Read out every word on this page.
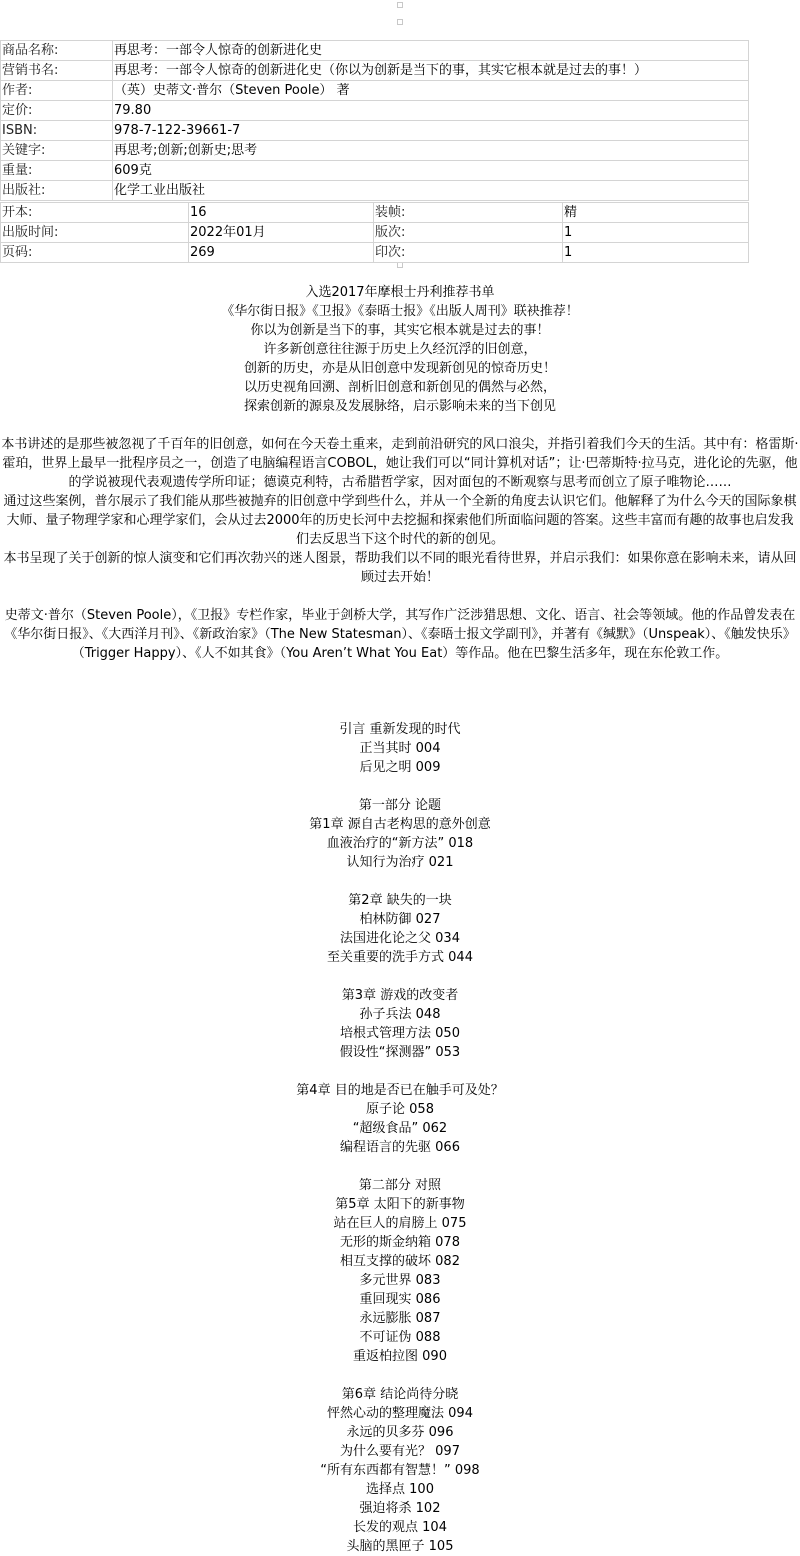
商品名称:	再思考：一部令人惊奇的创新进化史
营销书名:	再思考：一部令人惊奇的创新进化史（你以为创新是当下的事，其实它根本就是过去的事！）
作者:	（英）史蒂文·普尔（Steven Poole） 著
定价:	79.80
ISBN:	978-7-122-39661-7
关键字:	再思考;创新;创新史;思考
重量:	609克
出版社:	化学工业出版社
开本:	16	装帧:	精
出版时间:	2022年01月	版次:	1
页码:	269	印次:	1
入选2017年摩根士丹利推荐书单
《华尔街日报》《卫报》《泰晤士报》《出版人周刊》联袂推荐！
你以为创新是当下的事，其实它根本就是过去的事！
许多新创意往往源于历史上久经沉浮的旧创意，
创新的历史，亦是从旧创意中发现新创见的惊奇历史！
以历史视角回溯、剖析旧创意和新创见的偶然与必然，
探索创新的源泉及发展脉络，启示影响未来的当下创见

本书讲述的是那些被忽视了千百年的旧创意，如何在今天卷土重来，走到前沿研究的风口浪尖，并指引着我们今天的生活。其中有：格雷斯·霍珀，世界上最早一批程序员之一，创造了电脑编程语言COBOL，她让我们可以“同计算机对话”；让·巴蒂斯特·拉马克，进化论的先驱，他的学说被现代表观遗传学所印证；德谟克利特，古希腊哲学家，因对面包的不断观察与思考而创立了原子唯物论……

通过这些案例，普尔展示了我们能从那些被抛弃的旧创意中学到些什么，并从一个全新的角度去认识它们。他解释了为什么今天的国际象棋大师、量子物理学家和心理学家们，会从过去2000年的历史长河中去挖掘和探索他们所面临问题的答案。这些丰富而有趣的故事也启发我们去反思当下这个时代的新的创见。

本书呈现了关于创新的惊人演变和它们再次勃兴的迷人图景，帮助我们以不同的眼光看待世界，并启示我们：如果你意在影响未来，请从回顾过去开始！

史蒂文·普尔（Steven Poole），《卫报》专栏作家，毕业于剑桥大学，其写作广泛涉猎思想、文化、语言、社会等领域。他的作品曾发表在《华尔街日报》、《大西洋月刊》、《新政治家》（The New Statesman）、《泰晤士报文学副刊》，并著有《缄默》（Unspeak）、《触发快乐》（Trigger Happy）、《人不如其食》（You Aren’t What You Eat）等作品。他在巴黎生活多年，现在东伦敦工作。

引言 重新发现的时代
正当其时 004
后见之明 009
第一部分 论题
第1章 源自古老构思的意外创意
血液治疗的“新方法” 018
认知行为治疗 021
第2章 缺失的一块
柏林防御 027
法国进化论之父 034
至关重要的洗手方式 044
第3章 游戏的改变者
孙子兵法 048
培根式管理方法 050
假设性“探测器” 053
第4章 目的地是否已在触手可及处？
原子论 058
“超级食品” 062
编程语言的先驱 066
第二部分 对照
第5章 太阳下的新事物
站在巨人的肩膀上 075
无形的斯金纳箱 078
相互支撑的破坏 082
多元世界 083
重回现实 086
永远膨胀 087
不可证伪 088
重返柏拉图 090
第6章 结论尚待分晓
怦然心动的整理魔法 094
永远的贝多芬 096
为什么要有光？ 097
“所有东西都有智慧！” 098
选择点 100
强迫将杀 102
长发的观点 104
头脑的黑匣子 105
